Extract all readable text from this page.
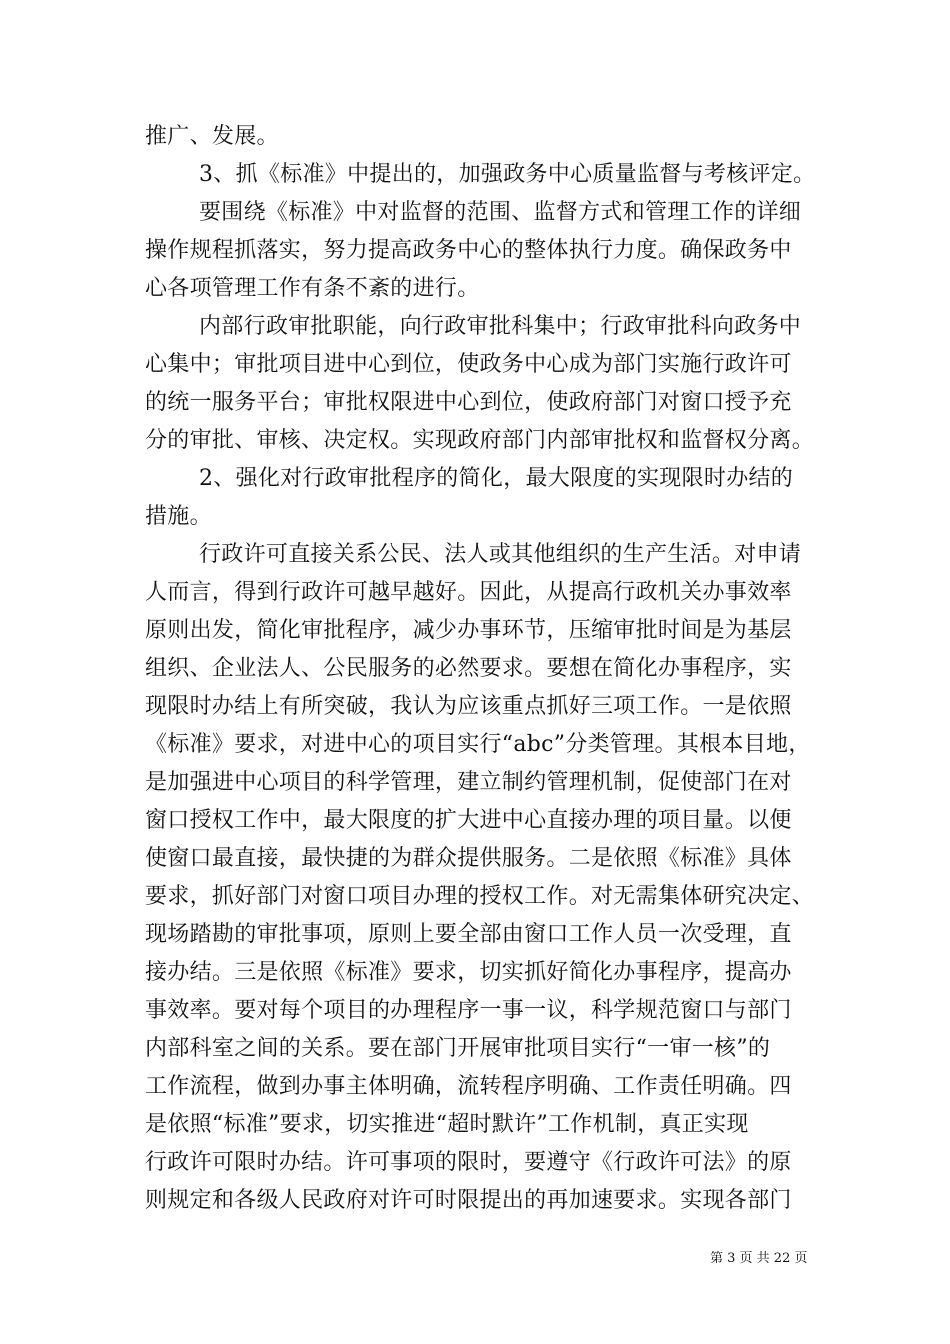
推广、发展。
3、抓《标准》中提出的，加强政务中心质量监督与考核评定。
要围绕《标准》中对监督的范围、监督方式和管理工作的详细
操作规程抓落实，努力提高政务中心的整体执行力度。确保政务中
心各项管理工作有条不紊的进行。
内部行政审批职能，向行政审批科集中；行政审批科向政务中
心集中；审批项目进中心到位，使政务中心成为部门实施行政许可
的统一服务平台；审批权限进中心到位，使政府部门对窗口授予充
分的审批、审核、决定权。实现政府部门内部审批权和监督权分离。
2、强化对行政审批程序的简化，最大限度的实现限时办结的
措施。
行政许可直接关系公民、法人或其他组织的生产生活。对申请
人而言，得到行政许可越早越好。因此，从提高行政机关办事效率
原则出发，简化审批程序，减少办事环节，压缩审批时间是为基层
组织、企业法人、公民服务的必然要求。要想在简化办事程序，实
现限时办结上有所突破，我认为应该重点抓好三项工作。一是依照
《标准》要求，对进中心的项目实行“abc”分类管理。其根本目地，
是加强进中心项目的科学管理，建立制约管理机制，促使部门在对
窗口授权工作中，最大限度的扩大进中心直接办理的项目量。以便
使窗口最直接，最快捷的为群众提供服务。二是依照《标准》具体
要求，抓好部门对窗口项目办理的授权工作。对无需集体研究决定、
现场踏勘的审批事项，原则上要全部由窗口工作人员一次受理，直
接办结。三是依照《标准》要求，切实抓好简化办事程序，提高办
事效率。要对每个项目的办理程序一事一议，科学规范窗口与部门
内部科室之间的关系。要在部门开展审批项目实行“一审一核”的
工作流程，做到办事主体明确，流转程序明确、工作责任明确。四
是依照“标准”要求，切实推进“超时默许”工作机制，真正实现
行政许可限时办结。许可事项的限时，要遵守《行政许可法》的原
则规定和各级人民政府对许可时限提出的再加速要求。实现各部门
第 3 页 共 22 页
